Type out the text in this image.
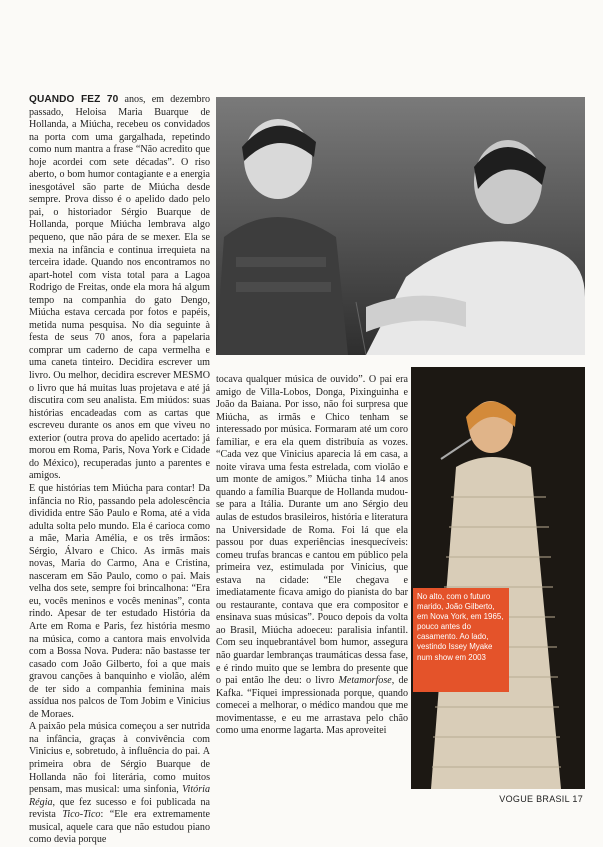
QUANDO FEZ 70 anos, em dezembro passado, Heloisa Maria Buarque de Hollanda, a Miúcha, recebeu os convidados na porta com uma gargalhada, repetindo como num mantra a frase “Não acredito que hoje acordei com sete décadas”. O riso aberto, o bom humor contagiante e a energia inesgotável são parte de Miúcha desde sempre. Prova disso é o apelido dado pelo pai, o historiador Sérgio Buarque de Hollanda, porque Miúcha lembrava algo pequeno, que não pára de se mexer. Ela se mexia na infância e continua irrequieta na terceira idade. Quando nos encontramos no apart-hotel com vista total para a Lagoa Rodrigo de Freitas, onde ela mora há algum tempo na companhia do gato Dengo, Miúcha estava cercada por fotos e papéis, metida numa pesquisa. No dia seguinte à festa de seus 70 anos, fora a papelaria comprar um caderno de capa vermelha e uma caneta tinteiro. Decidira escrever um livro. Ou melhor, decidira escrever MESMO o livro que há muitas luas projetava e até já discutira com seu analista. Em miúdos: suas histórias encadeadas com as cartas que escreveu durante os anos em que viveu no exterior (outra prova do apelido acertado: já morou em Roma, Paris, Nova York e Cidade do México), recuperadas junto a parentes e amigos.

E que histórias tem Miúcha para contar! Da infância no Rio, passando pela adolescência dividida entre São Paulo e Roma, até a vida adulta solta pelo mundo. Ela é carioca como a mãe, Maria Amélia, e os três irmãos: Sérgio, Álvaro e Chico. As irmãs mais novas, Maria do Carmo, Ana e Cristina, nasceram em São Paulo, como o pai. Mais velha dos sete, sempre foi brincalhona: “Era eu, vocês meninos e vocês meninas”, conta rindo. Apesar de ter estudado História da Arte em Roma e Paris, fez história mesmo na música, como a cantora mais envolvida com a Bossa Nova. Pudera: não bastasse ter casado com João Gilberto, foi a que mais gravou canções à banquinho e violão, além de ter sido a companhia feminina mais assídua nos palcos de Tom Jobim e Vinicius de Moraes.

A paixão pela música começou a ser nutrida na infância, graças à convivência com Vinicius e, sobretudo, à influência do pai. A primeira obra de Sérgio Buarque de Hollanda não foi literária, como muitos pensam, mas musical: uma sinfonia, Vitória Régia, que fez sucesso e foi publicada na revista Tico-Tico: “Ele era extremamente musical, aquele cara que não estudou piano como devia porque

tocava qualquer música de ouvido”. O pai era amigo de Villa-Lobos, Donga, Pixinguinha e João da Baiana. Por isso, não foi surpresa que Miúcha, as irmãs e Chico tenham se interessado por música. Formaram até um coro familiar, e era ela quem distribuía as vozes. “Cada vez que Vinicius aparecia lá em casa, a noite virava uma festa estrelada, com violão e um monte de amigos.” Miúcha tinha 14 anos quando a família Buarque de Hollanda mudou-se para a Itália. Durante um ano Sérgio deu aulas de estudos brasileiros, história e literatura na Universidade de Roma. Foi lá que ela passou por duas experiências inesquecíveis: comeu trufas brancas e cantou em público pela primeira vez, estimulada por Vinicius, que estava na cidade: “Ele chegava e imediatamente ficava amigo do pianista do bar ou restaurante, contava que era compositor e ensinava suas músicas”. Pouco depois da volta ao Brasil, Miúcha adoeceu: paralisia infantil. Com seu inquebrantável bom humor, assegura não guardar lembranças traumáticas dessa fase, e é rindo muito que se lembra do presente que o pai então lhe deu: o livro Metamorfose, de Kafka. “Fiquei impressionada porque, quando comecei a melhorar, o médico mandou que me movimentasse, e eu me arrastava pelo chão como uma enorme lagarta. Mas aproveitei

No alto, com o futuro marido, João Gilberto, em Nova York, em 1965, pouco antes do casamento. Ao lado, vestindo Issey Myake num show em 2003
VOGUE BRASIL 17
